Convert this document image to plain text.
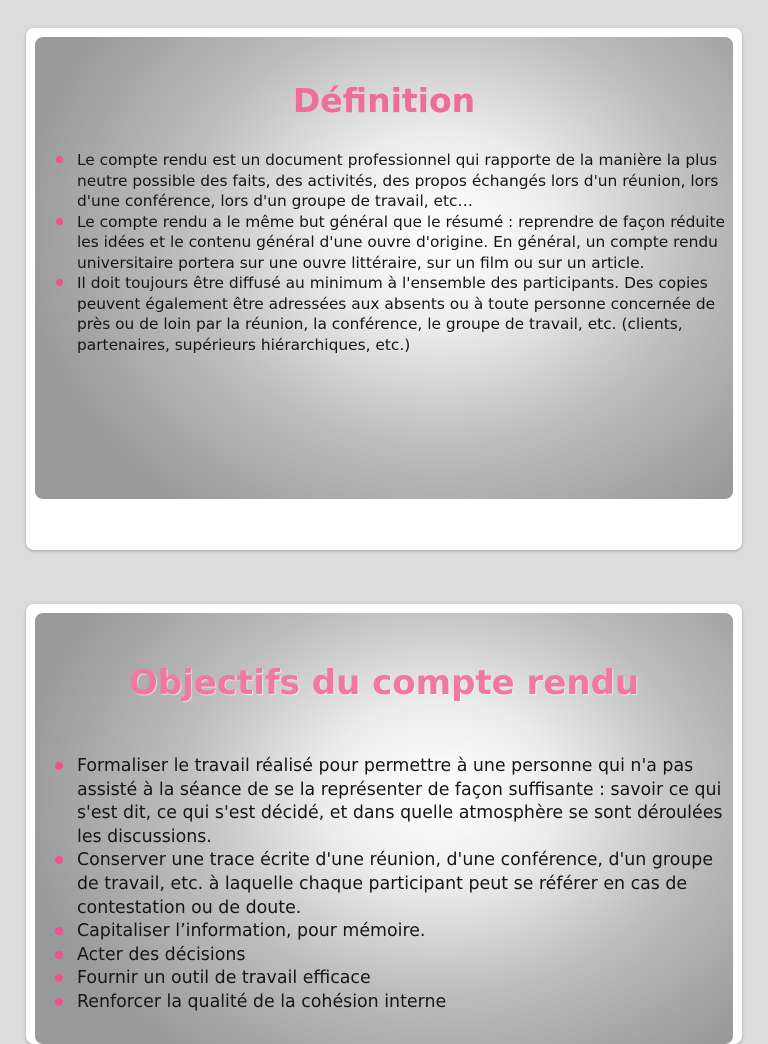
Définition
Le compte rendu est un document professionnel qui rapporte de la manière la plus neutre possible des faits, des activités, des propos échangés lors d'un réunion, lors d'une conférence, lors d'un groupe de travail, etc…
Le compte rendu a le même but général que le résumé : reprendre de façon réduite les idées et le contenu général d'une ouvre d'origine. En général, un compte rendu universitaire portera sur une ouvre littéraire, sur un film ou sur un article.
Il doit toujours être diffusé au minimum à l'ensemble des participants. Des copies peuvent également être adressées aux absents ou à toute personne concernée de près ou de loin par la réunion, la conférence, le groupe de travail, etc. (clients, partenaires, supérieurs hiérarchiques, etc.)
Objectifs du compte rendu
Formaliser le travail réalisé pour permettre à une personne qui n'a pas assisté à la séance de se la représenter de façon suffisante : savoir ce qui s'est dit, ce qui s'est décidé, et dans quelle atmosphère se sont déroulées les discussions.
Conserver une trace écrite d'une réunion, d'une conférence, d'un groupe de travail, etc. à laquelle chaque participant peut se référer en cas de contestation ou de doute.
Capitaliser l’information, pour mémoire.
Acter des décisions
Fournir un outil de travail efficace
Renforcer la qualité de la cohésion interne
